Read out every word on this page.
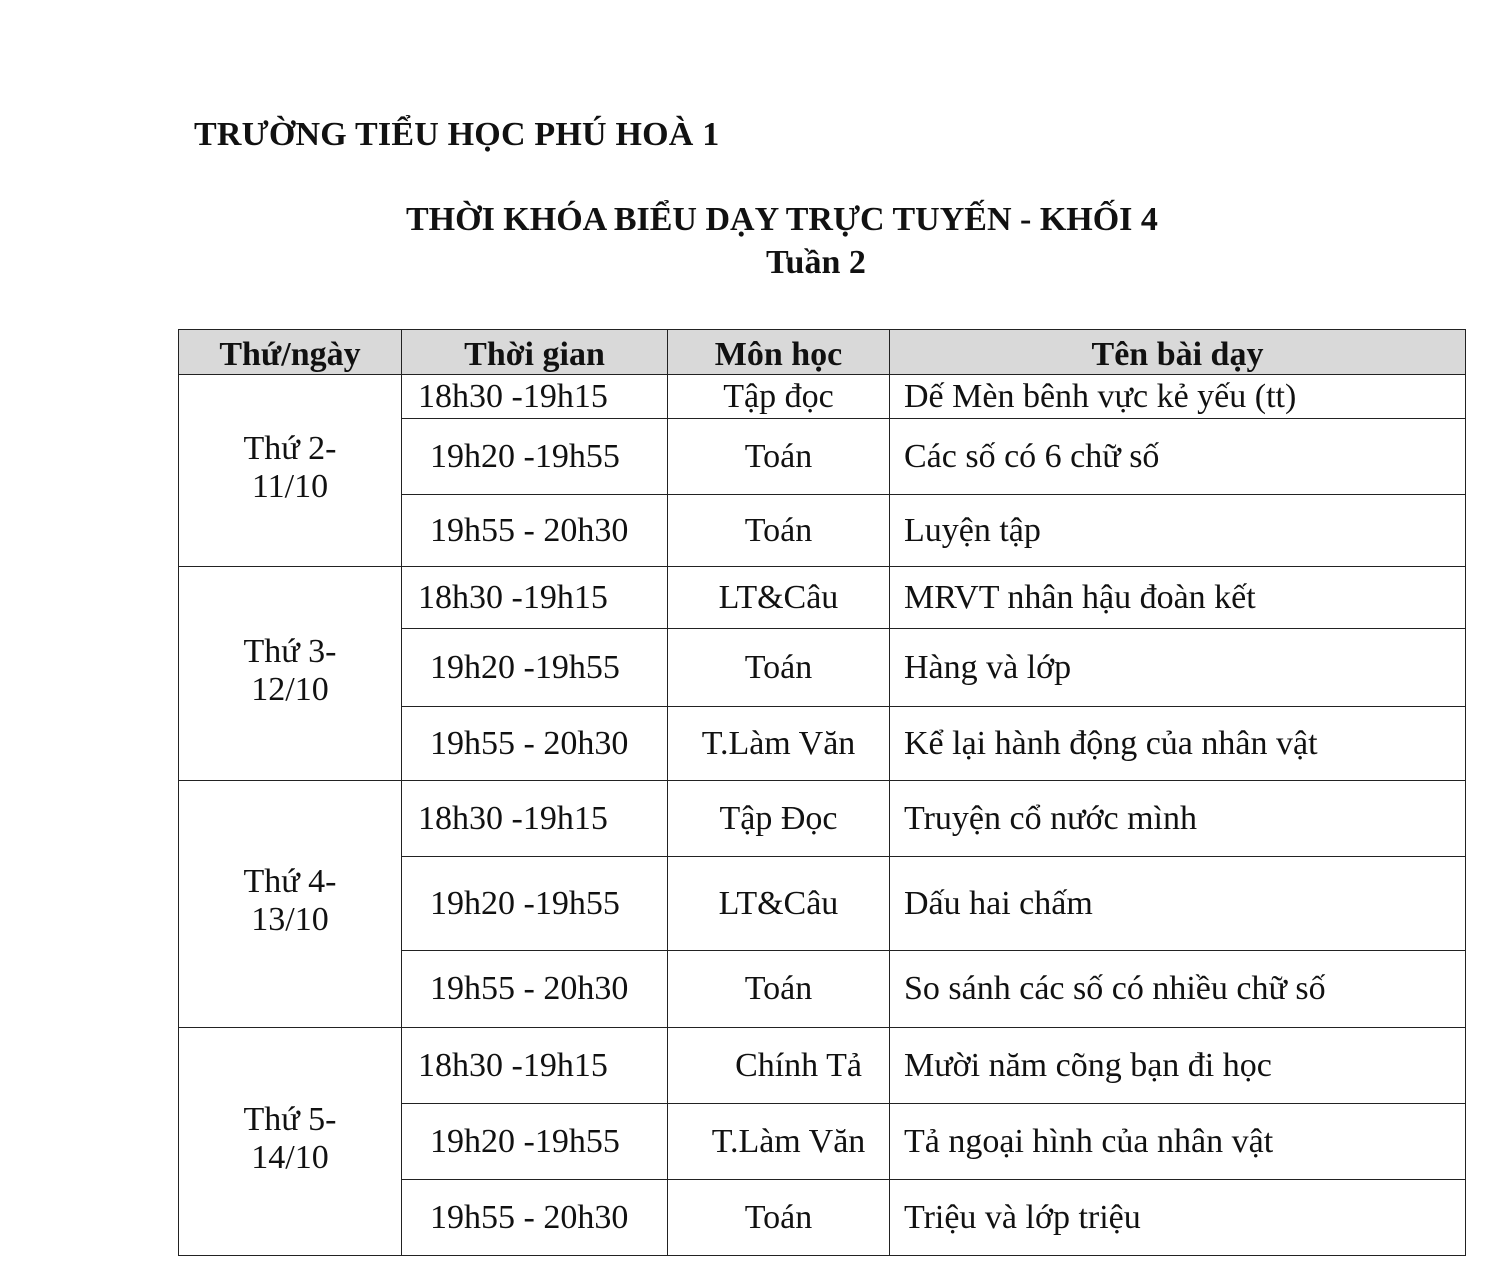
TRƯỜNG TIỂU HỌC PHÚ HOÀ 1
THỜI KHÓA BIỂU DẠY TRỰC TUYẾN - KHỐI 4
Tuần 2
Thứ/ngày	Thời gian	Môn học	Tên bài dạy

Thứ 2-
11/10	18h30 -19h15	Tập đọc	Dế Mèn bênh vực kẻ yếu (tt)
	19h20 -19h55	Toán	Các số có 6 chữ số
	19h55 - 20h30	Toán	Luyện tập

Thứ 3-
12/10	18h30 -19h15	LT&Câu	MRVT nhân hậu đoàn kết
	19h20 -19h55	Toán	Hàng và lớp
	19h55 - 20h30	T.Làm Văn	Kể lại hành động của nhân vật

Thứ 4-
13/10	18h30 -19h15	Tập Đọc	Truyện cổ nước mình
	19h20 -19h55	LT&Câu	Dấu hai chấm
	19h55 - 20h30	Toán	So sánh các số có nhiều chữ số

Thứ 5-
14/10	18h30 -19h15	Chính Tả	Mười năm cõng bạn đi học
	19h20 -19h55	T.Làm Văn	Tả ngoại hình của nhân vật
	19h55 - 20h30	Toán	Triệu và lớp triệu
